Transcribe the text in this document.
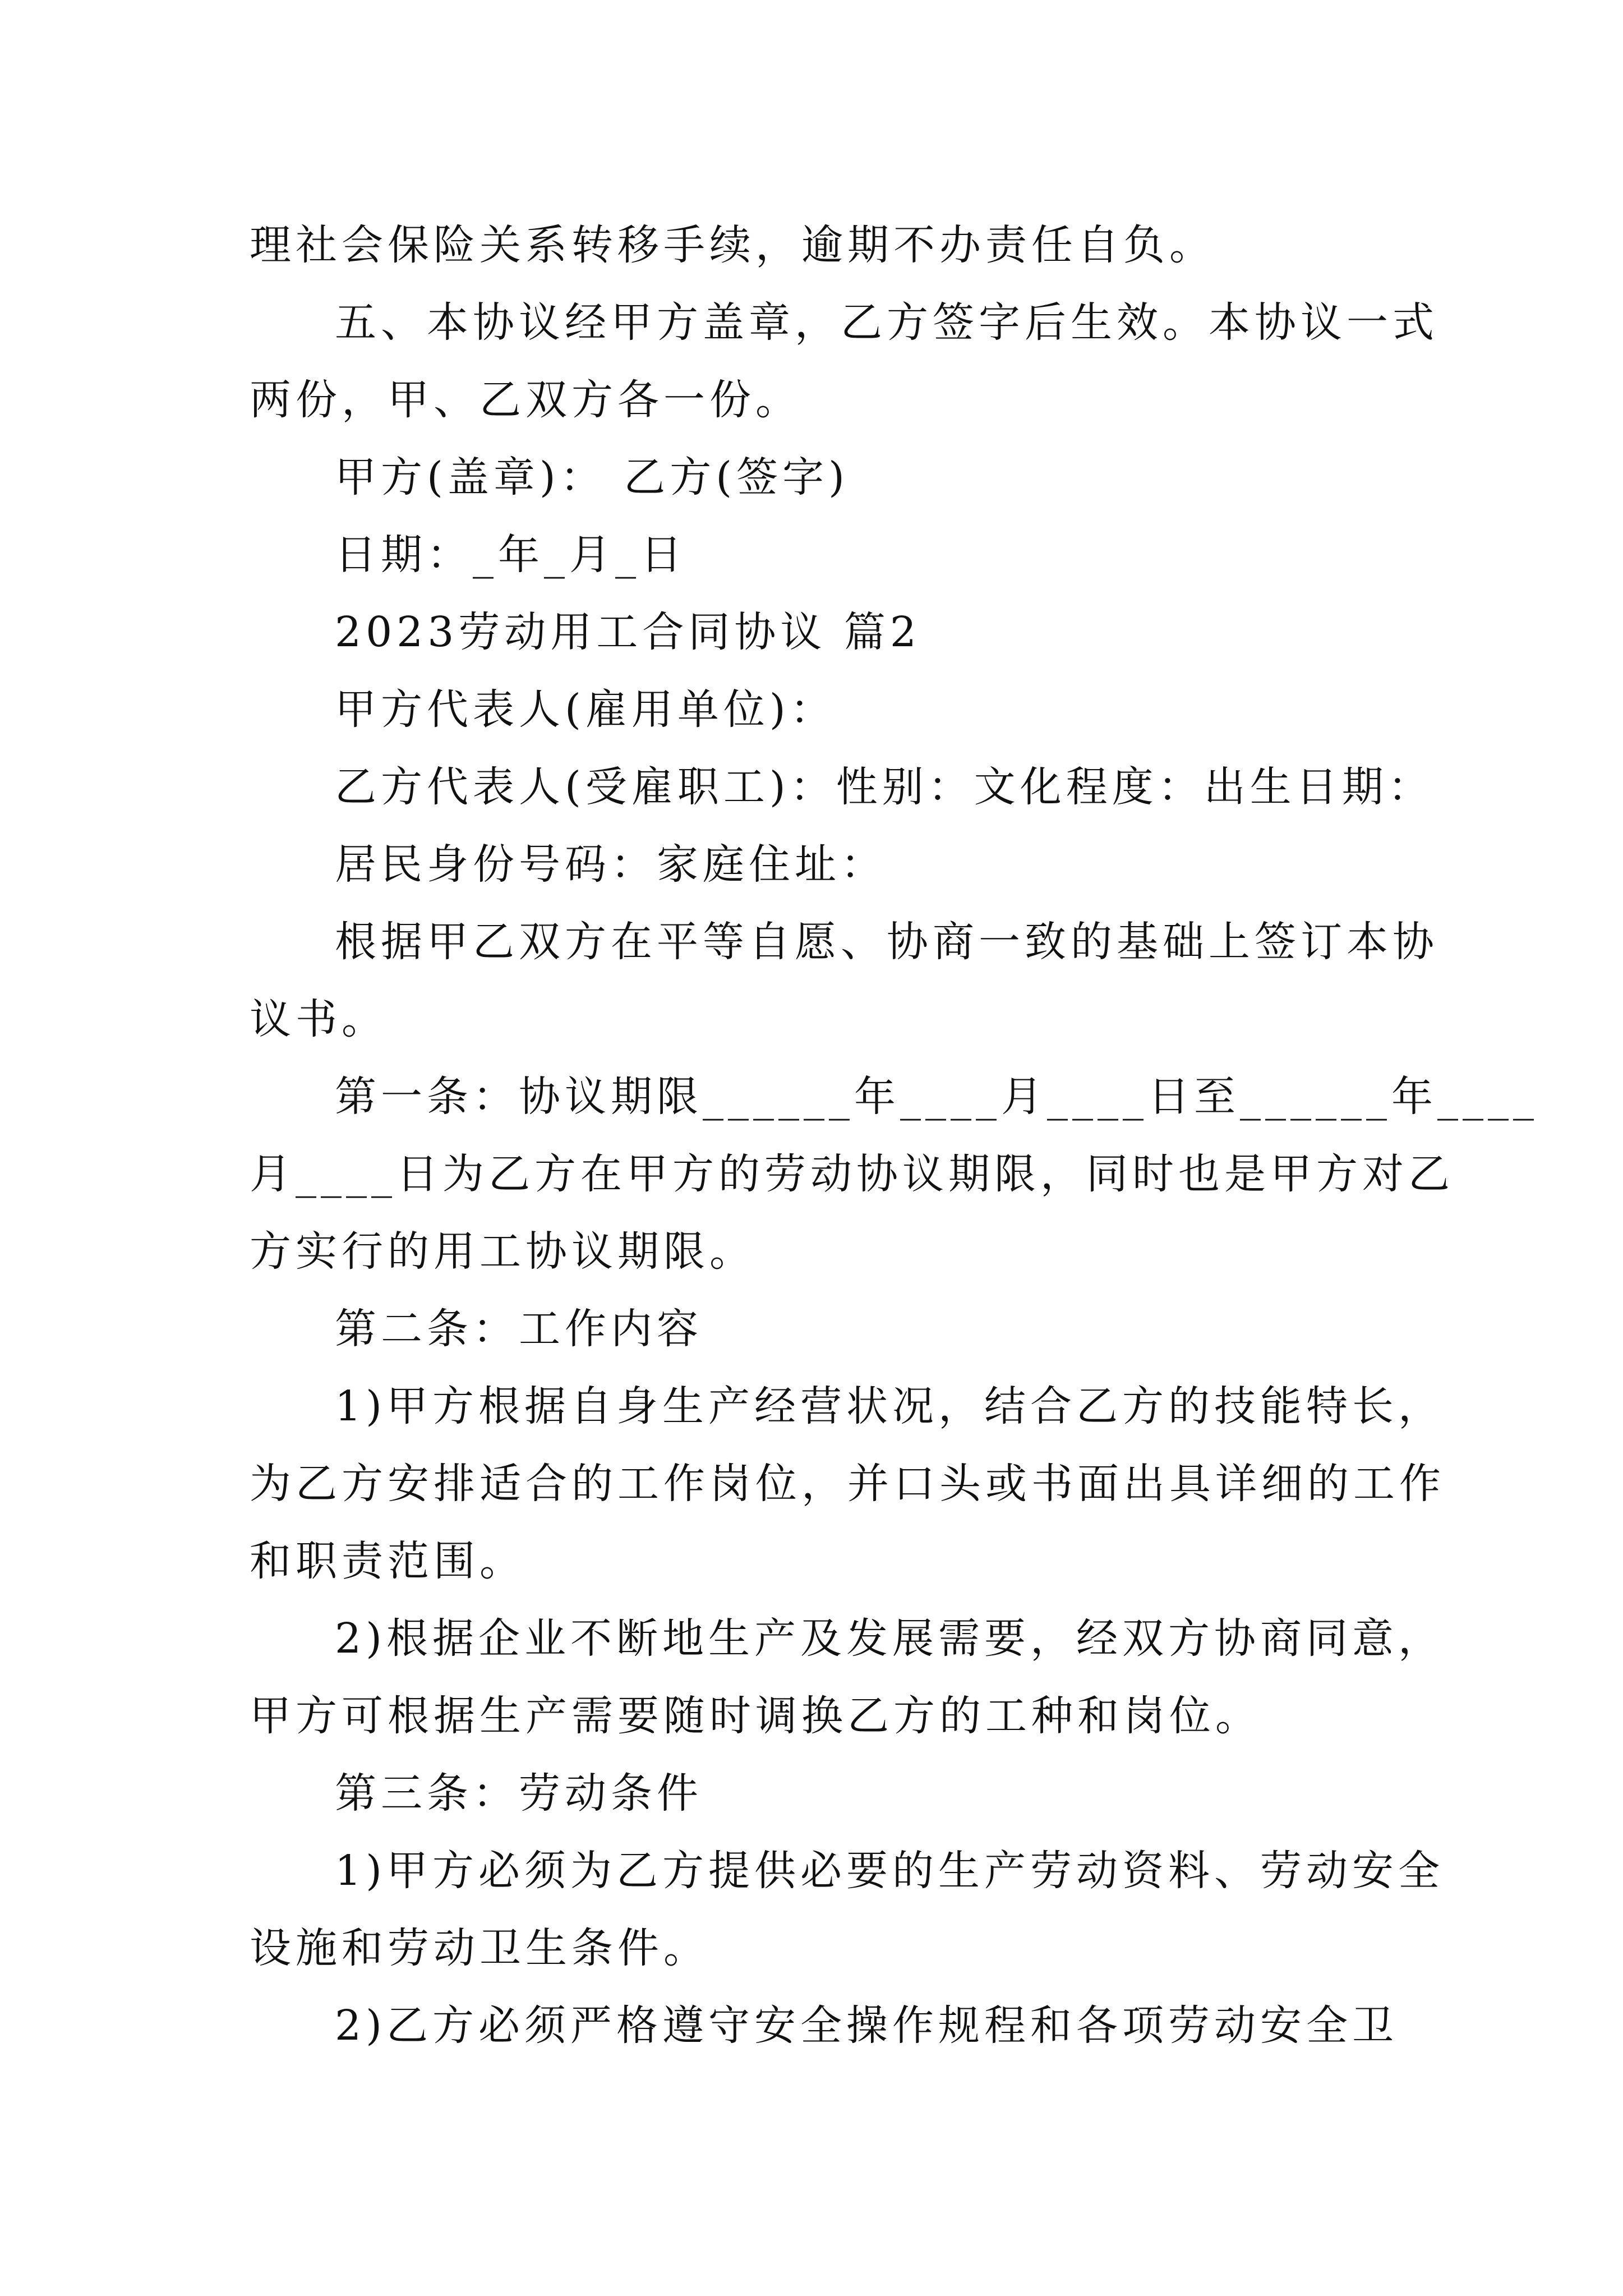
理社会保险关系转移手续，逾期不办责任自负。
五、本协议经甲方盖章，乙方签字后生效。本协议一式
两份，甲、乙双方各一份。
甲方(盖章)： 乙方(签字)
日期：_年_月_日
2023劳动用工合同协议 篇2
甲方代表人(雇用单位)：
乙方代表人(受雇职工)：性别：文化程度：出生日期：
居民身份号码：家庭住址：
根据甲乙双方在平等自愿、协商一致的基础上签订本协
议书。
第一条：协议期限______年____月____日至______年____
月____日为乙方在甲方的劳动协议期限，同时也是甲方对乙
方实行的用工协议期限。
第二条：工作内容
1)甲方根据自身生产经营状况，结合乙方的技能特长，
为乙方安排适合的工作岗位，并口头或书面出具详细的工作
和职责范围。
2)根据企业不断地生产及发展需要，经双方协商同意，
甲方可根据生产需要随时调换乙方的工种和岗位。
第三条：劳动条件
1)甲方必须为乙方提供必要的生产劳动资料、劳动安全
设施和劳动卫生条件。
2)乙方必须严格遵守安全操作规程和各项劳动安全卫
